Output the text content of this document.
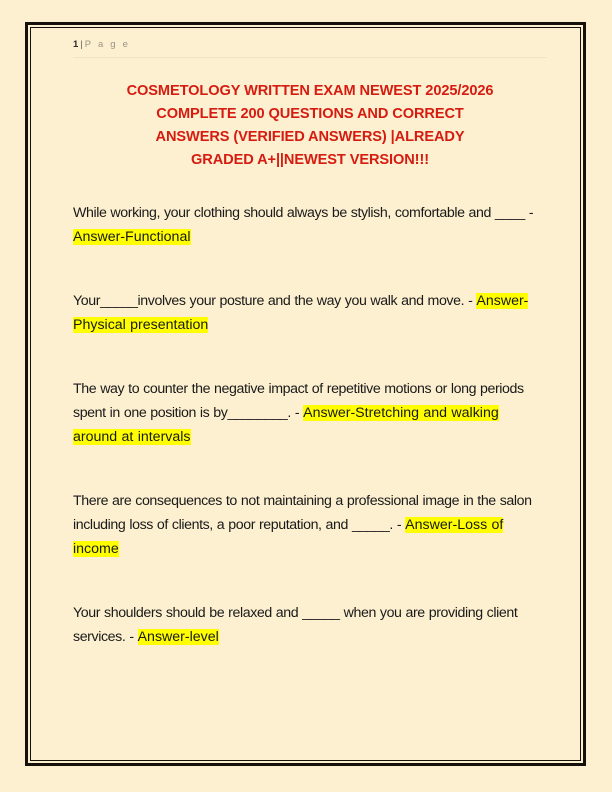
1 | P a g e
COSMETOLOGY WRITTEN EXAM NEWEST 2025/2026
COMPLETE 200 QUESTIONS AND CORRECT
ANSWERS (VERIFIED ANSWERS) |ALREADY
GRADED A+||NEWEST VERSION!!!

While working, your clothing should always be stylish, comfortable and ____ - Answer-Functional

Your_____involves your posture and the way you walk and move. - Answer-Physical presentation

The way to counter the negative impact of repetitive motions or long periods spent in one position is by________. - Answer-Stretching and walking around at intervals

There are consequences to not maintaining a professional image in the salon including loss of clients, a poor reputation, and _____. - Answer-Loss of income

Your shoulders should be relaxed and _____ when you are providing client services. - Answer-level
